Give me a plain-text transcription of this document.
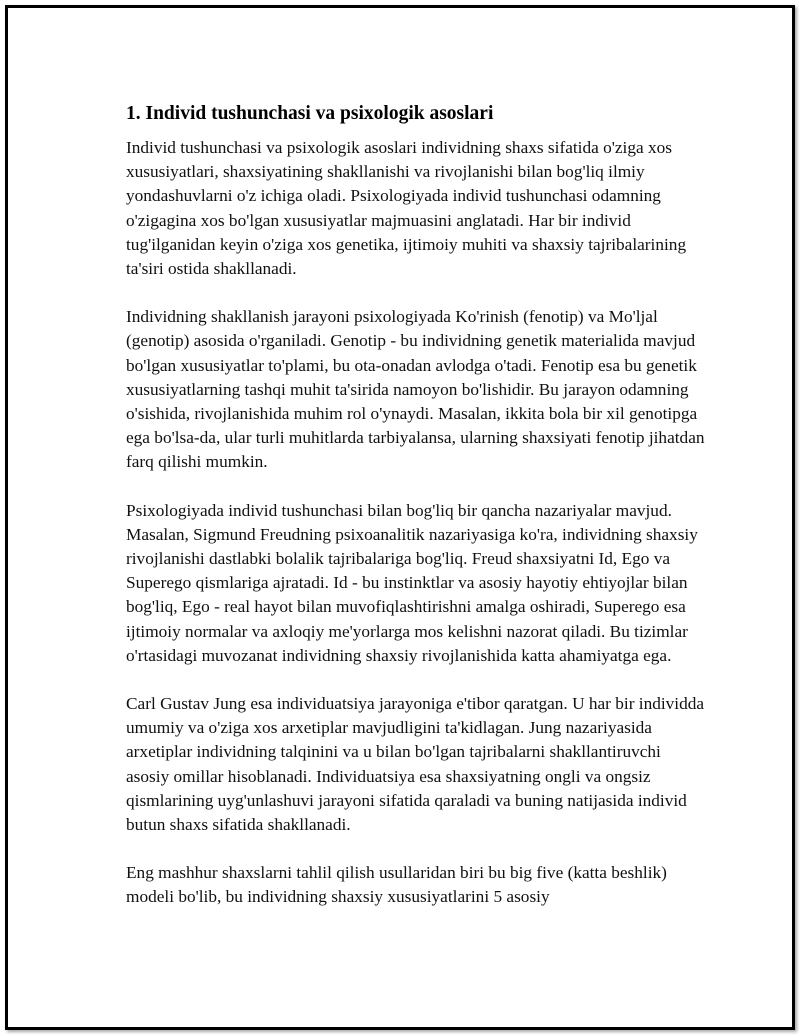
1. Individ tushunchasi va psixologik asoslari

Individ tushunchasi va psixologik asoslari individning shaxs sifatida o'ziga xos xususiyatlari, shaxsiyatining shakllanishi va rivojlanishi bilan bog'liq ilmiy yondashuvlarni o'z ichiga oladi. Psixologiyada individ tushunchasi odamning o'zigagina xos bo'lgan xususiyatlar majmuasini anglatadi. Har bir individ tug'ilganidan keyin o'ziga xos genetika, ijtimoiy muhiti va shaxsiy tajribalarining ta'siri ostida shakllanadi.

Individning shakllanish jarayoni psixologiyada Ko'rinish (fenotip) va Mo'ljal (genotip) asosida o'rganiladi. Genotip - bu individning genetik materialida mavjud bo'lgan xususiyatlar to'plami, bu ota-onadan avlodga o'tadi. Fenotip esa bu genetik xususiyatlarning tashqi muhit ta'sirida namoyon bo'lishidir. Bu jarayon odamning o'sishida, rivojlanishida muhim rol o'ynaydi. Masalan, ikkita bola bir xil genotipga ega bo'lsa-da, ular turli muhitlarda tarbiyalansa, ularning shaxsiyati fenotip jihatdan farq qilishi mumkin.

Psixologiyada individ tushunchasi bilan bog'liq bir qancha nazariyalar mavjud. Masalan, Sigmund Freudning psixoanalitik nazariyasiga ko'ra, individning shaxsiy rivojlanishi dastlabki bolalik tajribalariga bog'liq. Freud shaxsiyatni Id, Ego va Superego qismlariga ajratadi. Id - bu instinktlar va asosiy hayotiy ehtiyojlar bilan bog'liq, Ego - real hayot bilan muvofiqlashtirishni amalga oshiradi, Superego esa ijtimoiy normalar va axloqiy me'yorlarga mos kelishni nazorat qiladi. Bu tizimlar o'rtasidagi muvozanat individning shaxsiy rivojlanishida katta ahamiyatga ega.

Carl Gustav Jung esa individuatsiya jarayoniga e'tibor qaratgan. U har bir individda umumiy va o'ziga xos arxetiplar mavjudligini ta'kidlagan. Jung nazariyasida arxetiplar individning talqinini va u bilan bo'lgan tajribalarni shakllantiruvchi asosiy omillar hisoblanadi. Individuatsiya esa shaxsiyatning ongli va ongsiz qismlarining uyg'unlashuvi jarayoni sifatida qaraladi va buning natijasida individ butun shaxs sifatida shakllanadi.

Eng mashhur shaxslarni tahlil qilish usullaridan biri bu big five (katta beshlik) modeli bo'lib, bu individning shaxsiy xususiyatlarini 5 asosiy
